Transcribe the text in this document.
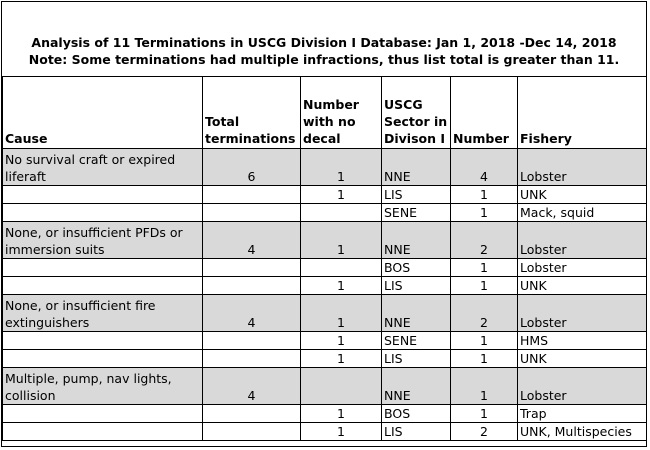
Analysis of 11 Terminations in USCG Division I Database: Jan 1, 2018 -Dec 14, 2018
Note: Some terminations had multiple infractions, thus list total is greater than 11.
Cause	Total terminations	Number with no decal	USCG Sector in Divison I	Number	Fishery
No survival craft or expired liferaft	6	1	NNE	4	Lobster
		1	LIS	1	UNK
			SENE	1	Mack, squid
None, or insufficient PFDs or immersion suits	4	1	NNE	2	Lobster
			BOS	1	Lobster
		1	LIS	1	UNK
None, or insufficient fire extinguishers	4	1	NNE	2	Lobster
		1	SENE	1	HMS
		1	LIS	1	UNK
Multiple, pump, nav lights, collision	4		NNE	1	Lobster
		1	BOS	1	Trap
		1	LIS	2	UNK, Multispecies
